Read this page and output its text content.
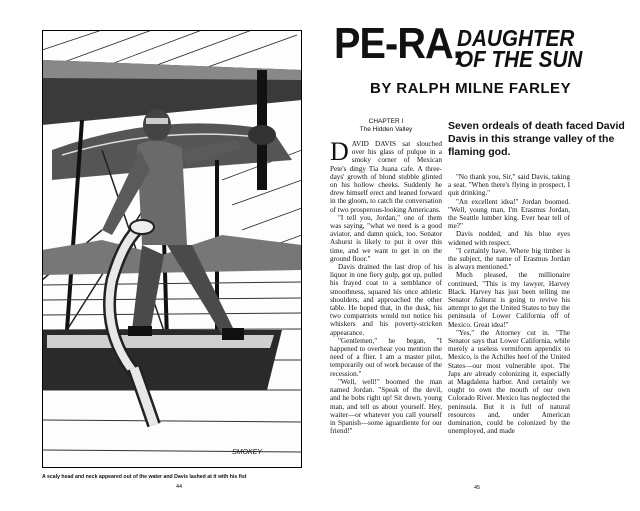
SMOKEY
A scaly head and neck appeared out of the water and Davis lashed at it with his fist
44
PE-RA,
DAUGHTER
OF THE SUN
BY RALPH MILNE FARLEY
Seven ordeals of death faced David Davis in this strange valley of the flaming god.
CHAPTER I
The Hidden Valley

DAVID DAVIS sat slouched over his glass of pulque in a smoky corner of Mexican Pete's dingy Tia Juana cafe. A three-days' growth of blond stubble glinted on his hollow cheeks. Suddenly he drew himself erect and leaned forward in the gloom, to catch the conversation of two prosperous-looking Americans.

"I tell you, Jordan," one of them was saying, "what we need is a good aviator, and damn quick, too. Senator Ashurst is likely to put it over this time, and we want to get in on the ground floor."

Davis drained the last drop of his liquor in one fiery gulp, got up, pulled his frayed coat to a semblance of smoothness, squared his once athletic shoulders, and approached the other table. He hoped that, in the dusk, his two compatriots would not notice his whiskers and his poverty-stricken appearance.

"Gentlemen," he began, "I happened to overhear you mention the need of a flier. I am a master pilot, temporarily out of work because of the recession."

"Well, well!" boomed the man named Jordan. "Speak of the devil, and he bobs right up! Sit down, young man, and tell us about yourself. Hey, waiter—or whatever you call yourself in Spanish—some aguardiente for our friend!"

"No thank you, Sir," said Davis, taking a seat. "When there's flying in prospect, I quit drinking."

"An excellent idea!" Jordan boomed. "Well, young man, I'm Erasmus Jordan, the Seattle lumber king. Ever hear tell of me?"

Davis nodded, and his blue eyes widened with respect.

"I certainly have. Where big timber is the subject, the name of Erasmus Jordan is always mentioned."

Much pleased, the millionaire continued, "This is my lawyer, Harvey Black. Harvey has just been telling me Senator Ashurst is going to revive his attempt to get the United States to buy the peninsula of Lower California off of Mexico. Great idea!"

"Yes," the Attorney cut in. "The Senator says that Lower California, while merely a useless vermiform appendix to Mexico, is the Achilles heel of the United States—our most vulnerable spot. The Japs are already colonizing it, especially at Magdalena harbor. And certainly we ought to own the mouth of our own Colorado River. Mexico has neglected the peninsula. But it is full of natural resources and, under American domination, could be colonized by the unemployed, and made

45
